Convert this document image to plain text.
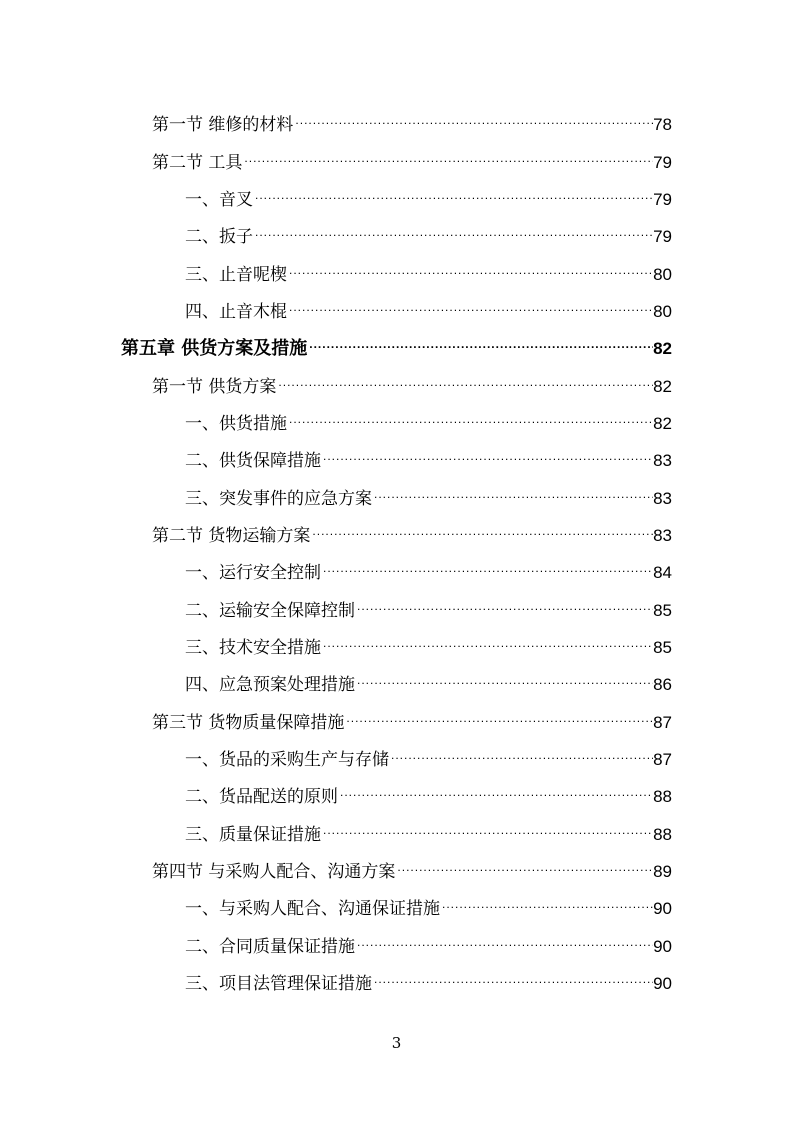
第一节 维修的材料 .....	78
第二节 工具 .....	79
一、音叉 .....	79
二、扳子 .....	79
三、止音呢楔 .....	80
四、止音木棍 .....	80
第五章 供货方案及措施 .....	82
第一节 供货方案 .....	82
一、供货措施 .....	82
二、供货保障措施 .....	83
三、突发事件的应急方案 .....	83
第二节 货物运输方案 .....	83
一、运行安全控制 .....	84
二、运输安全保障控制 .....	85
三、技术安全措施 .....	85
四、应急预案处理措施 .....	86
第三节 货物质量保障措施 .....	87
一、货品的采购生产与存储 .....	87
二、货品配送的原则 .....	88
三、质量保证措施 .....	88
第四节 与采购人配合、沟通方案 .....	89
一、与采购人配合、沟通保证措施 .....	90
二、合同质量保证措施 .....	90
三、项目法管理保证措施 .....	90
3
